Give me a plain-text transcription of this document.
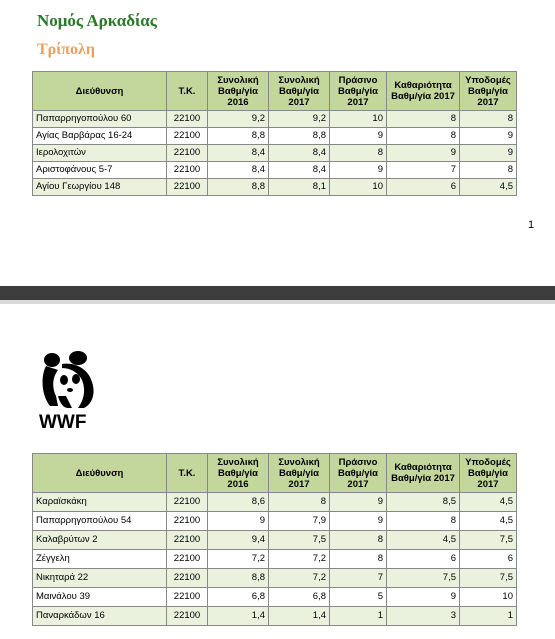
Νομός Αρκαδίας
Τρίπολη
Διεύθυνση	Τ.Κ.	Συνολική Βαθμ/γία 2016	Συνολική Βαθμ/γία 2017	Πράσινο Βαθμ/γία 2017	Καθαριότητα Βαθμ/γία 2017	Υποδομές Βαθμ/γία 2017
Παπαρρηγοπούλου 60	22100	9,2	9,2	10	8	8
Αγίας Βαρβάρας 16-24	22100	8,8	8,8	9	8	9
Ιερολοχιτών	22100	8,4	8,4	8	9	9
Αριστοφάνους 5-7	22100	8,4	8,4	9	7	8
Αγίου Γεωργίου 148	22100	8,8	8,1	10	6	4,5
1
WWF
Διεύθυνση	Τ.Κ.	Συνολική Βαθμ/γία 2016	Συνολική Βαθμ/γία 2017	Πράσινο Βαθμ/γία 2017	Καθαριότητα Βαθμ/γία 2017	Υποδομές Βαθμ/γία 2017
Καραϊσκάκη	22100	8,6	8	9	8,5	4,5
Παπαρρηγοπούλου 54	22100	9	7,9	9	8	4,5
Καλαβρύτων 2	22100	9,4	7,5	8	4,5	7,5
Ζέγγελη	22100	7,2	7,2	8	6	6
Νικηταρά 22	22100	8,8	7,2	7	7,5	7,5
Μαινάλου 39	22100	6,8	6,8	5	9	10
Παναρκάδων 16	22100	1,4	1,4	1	3	1
